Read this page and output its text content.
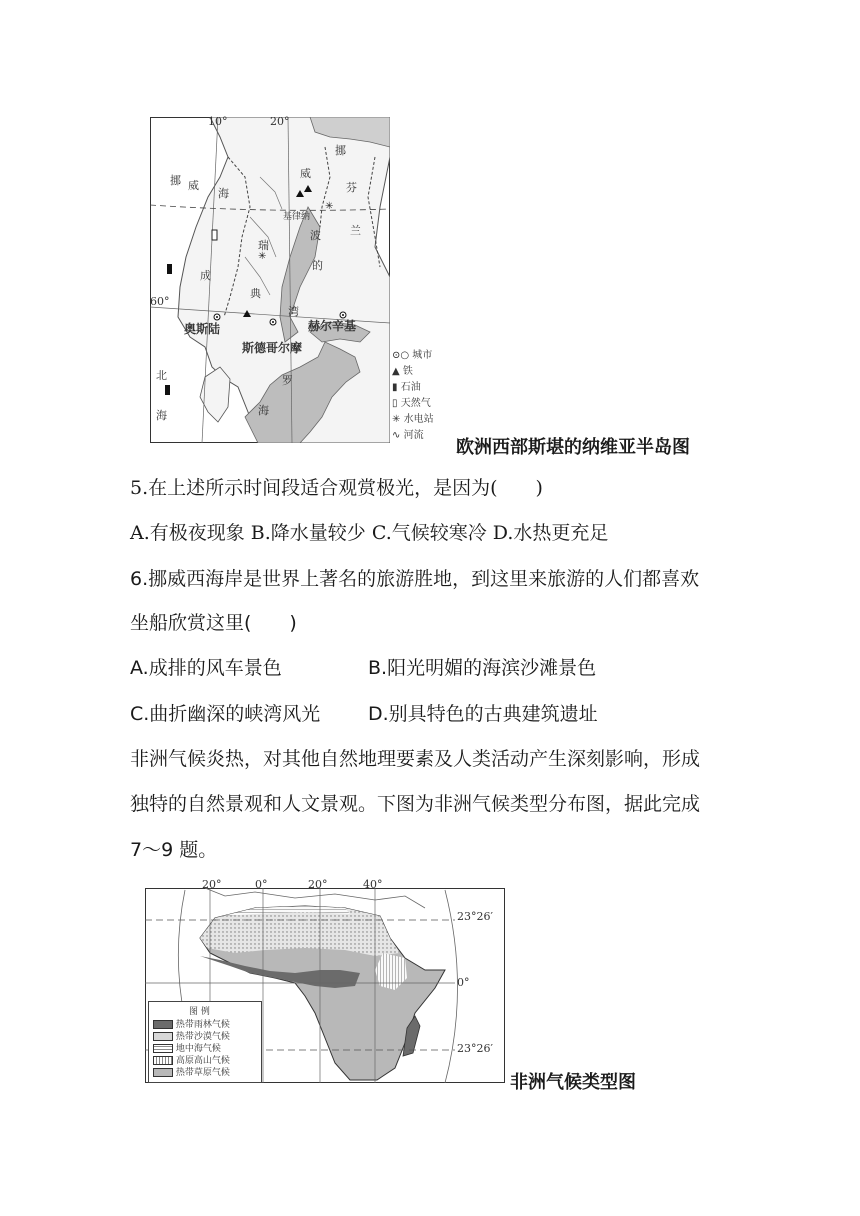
✳
✳
10°	20°
60°
挪
威
挪 威
海
基律纳
芬
兰
瑞
波
的
成
典
湾
奥斯陆	赫尔辛基
斯德哥尔摩
罗
海
北
海
⊙○ 城市
▲ 铁
▮ 石油
▯ 天然气
✳ 水电站
∿ 河流
欧洲西部斯堪的纳维亚半岛图
5.在上述所示时间段适合观赏极光，是因为(　　)
A.有极夜现象 B.降水量较少 C.气候较寒冷 D.水热更充足
6.挪威西海岸是世界上著名的旅游胜地，到这里来旅游的人们都喜欢
坐船欣赏这里(　　)
A.成排的风车景色	B.阳光明媚的海滨沙滩景色
C.曲折幽深的峡湾风光	D.别具特色的古典建筑遗址
非洲气候炎热，对其他自然地理要素及人类活动产生深刻影响，形成
独特的自然景观和人文景观。下图为非洲气候类型分布图，据此完成
7～9 题。
20°	0°	20°	40°
23°26′
0°
23°26′
图 例
热带雨林气候
热带沙漠气候
地中海气候
高原高山气候
热带草原气候	非洲气候类型图
